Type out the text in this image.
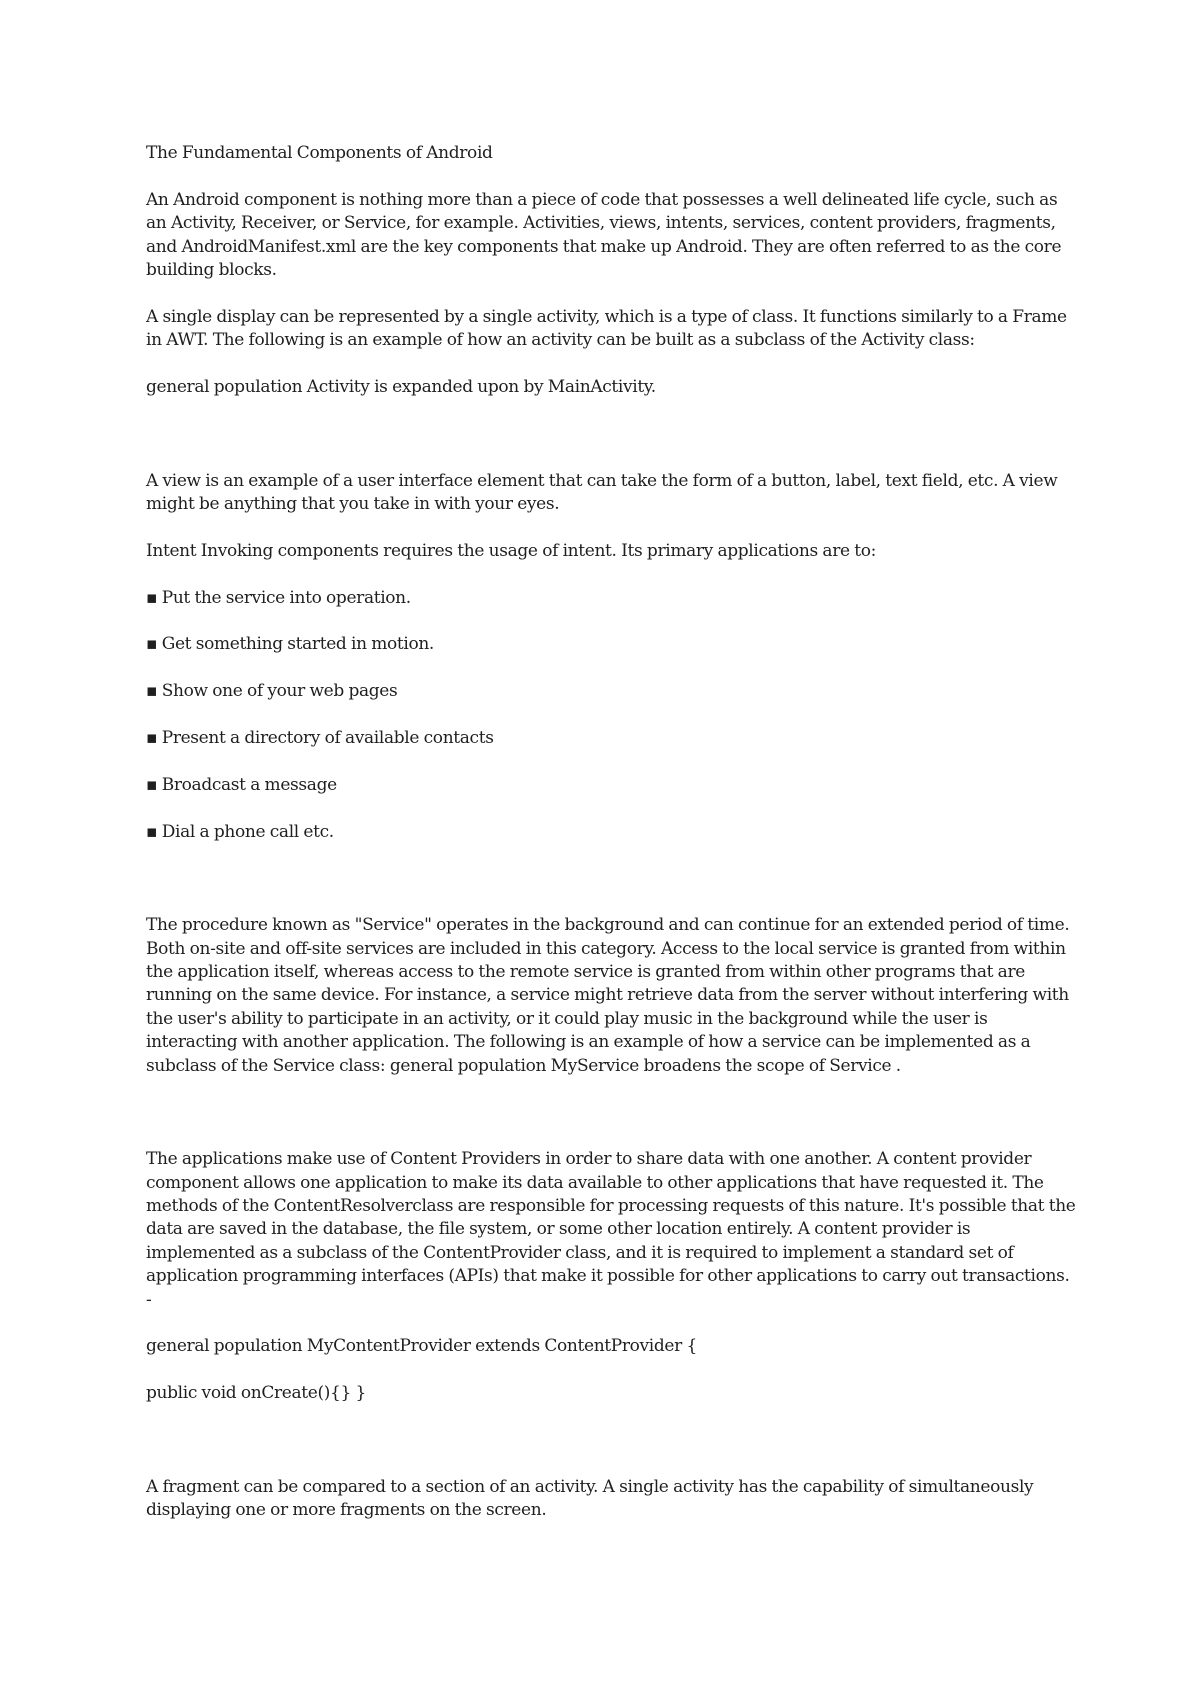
The Fundamental Components of Android

An Android component is nothing more than a piece of code that possesses a well delineated life cycle, such as an Activity, Receiver, or Service, for example. Activities, views, intents, services, content providers, fragments, and AndroidManifest.xml are the key components that make up Android. They are often referred to as the core building blocks.

A single display can be represented by a single activity, which is a type of class. It functions similarly to a Frame in AWT. The following is an example of how an activity can be built as a subclass of the Activity class:

general population Activity is expanded upon by MainActivity.

A view is an example of a user interface element that can take the form of a button, label, text field, etc. A view might be anything that you take in with your eyes.

Intent Invoking components requires the usage of intent. Its primary applications are to:

▪ Put the service into operation.

▪ Get something started in motion.

▪ Show one of your web pages

▪ Present a directory of available contacts

▪ Broadcast a message

▪ Dial a phone call etc.

The procedure known as "Service" operates in the background and can continue for an extended period of time. Both on-site and off-site services are included in this category. Access to the local service is granted from within the application itself, whereas access to the remote service is granted from within other programs that are running on the same device. For instance, a service might retrieve data from the server without interfering with the user's ability to participate in an activity, or it could play music in the background while the user is interacting with another application. The following is an example of how a service can be implemented as a subclass of the Service class: general population MyService broadens the scope of Service .

The applications make use of Content Providers in order to share data with one another. A content provider component allows one application to make its data available to other applications that have requested it. The methods of the ContentResolverclass are responsible for processing requests of this nature. It's possible that the data are saved in the database, the file system, or some other location entirely. A content provider is implemented as a subclass of the ContentProvider class, and it is required to implement a standard set of application programming interfaces (APIs) that make it possible for other applications to carry out transactions.

-

general population MyContentProvider extends ContentProvider {

public void onCreate(){} }

A fragment can be compared to a section of an activity. A single activity has the capability of simultaneously displaying one or more fragments on the screen.
